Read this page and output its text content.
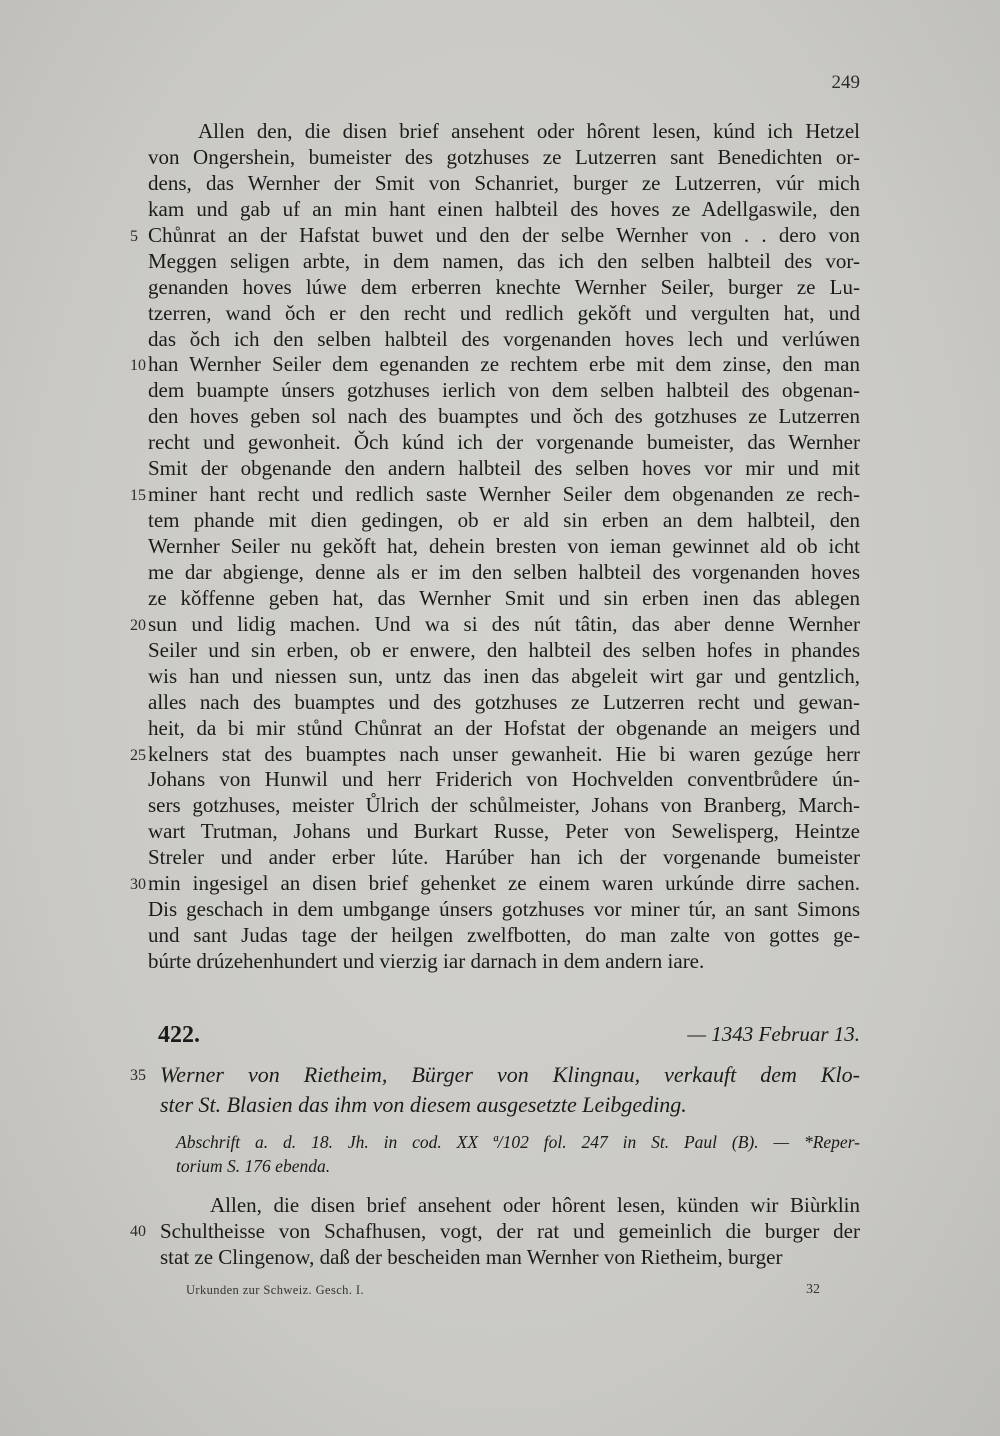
249
Allen den, die disen brief ansehent oder hôrent lesen, kúnd ich Hetzel
von Ongershein, bumeister des gotzhuses ze Lutzerren sant Benedichten or-
dens, das Wernher der Smit von Schanriet, burger ze Lutzerren, vúr mich
kam und gab uf an min hant einen halbteil des hoves ze Adellgaswile, den
5 Chůnrat an der Hafstat buwet und den der selbe Wernher von . . dero von
Meggen seligen arbte, in dem namen, das ich den selben halbteil des vor-
genanden hoves lúwe dem erberren knechte Wernher Seiler, burger ze Lu-
tzerren, wand ǒch er den recht und redlich gekǒft und vergulten hat, und
das ǒch ich den selben halbteil des vorgenanden hoves lech und verlúwen
10 han Wernher Seiler dem egenanden ze rechtem erbe mit dem zinse, den man
dem buampte únsers gotzhuses ierlich von dem selben halbteil des obgenan-
den hoves geben sol nach des buamptes und ǒch des gotzhuses ze Lutzerren
recht und gewonheit. Ǒch kúnd ich der vorgenande bumeister, das Wernher
Smit der obgenande den andern halbteil des selben hoves vor mir und mit
15 miner hant recht und redlich saste Wernher Seiler dem obgenanden ze rech-
tem phande mit dien gedingen, ob er ald sin erben an dem halbteil, den
Wernher Seiler nu gekǒft hat, dehein bresten von ieman gewinnet ald ob icht
me dar abgienge, denne als er im den selben halbteil des vorgenanden hoves
ze kǒffenne geben hat, das Wernher Smit und sin erben inen das ablegen
20 sun und lidig machen. Und wa si des nút tâtin, das aber denne Wernher
Seiler und sin erben, ob er enwere, den halbteil des selben hofes in phandes
wis han und niessen sun, untz das inen das abgeleit wirt gar und gentzlich,
alles nach des buamptes und des gotzhuses ze Lutzerren recht und gewan-
heit, da bi mir stůnd Chůnrat an der Hofstat der obgenande an meigers und
25 kelners stat des buamptes nach unser gewanheit. Hie bi waren gezúge herr
Johans von Hunwil und herr Friderich von Hochvelden conventbrůdere ún-
sers gotzhuses, meister Ůlrich der schůlmeister, Johans von Branberg, March-
wart Trutman, Johans und Burkart Russe, Peter von Sewelisperg, Heintze
Streler und ander erber lúte. Harúber han ich der vorgenande bumeister
30 min ingesigel an disen brief gehenket ze einem waren urkúnde dirre sachen.
Dis geschach in dem umbgange únsers gotzhuses vor miner túr, an sant Simons
und sant Judas tage der heilgen zwelfbotten, do man zalte von gottes ge-
búrte drúzehenhundert und vierzig iar darnach in dem andern iare.
422.	— 1343 Februar 13.
35 Werner von Rietheim, Bürger von Klingnau, verkauft dem Klo-
ster St. Blasien das ihm von diesem ausgesetzte Leibgeding.
Abschrift a. d. 18. Jh. in cod. XX ª/102 fol. 247 in St. Paul (B). — *Reper-
torium S. 176 ebenda.
Allen, die disen brief ansehent oder hôrent lesen, künden wir Biùrklin
40 Schultheisse von Schafhusen, vogt, der rat und gemeinlich die burger der
stat ze Clingenow, daß der bescheiden man Wernher von Rietheim, burger
Urkunden zur Schweiz. Gesch. I.	32
